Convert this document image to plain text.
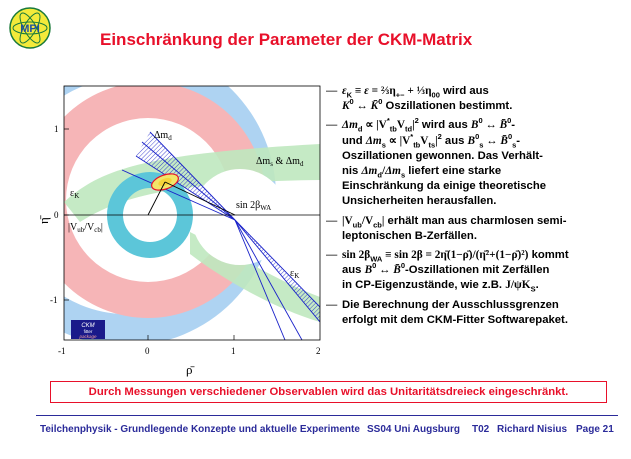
MPI
Einschränkung der Parameter der CKM-Matrix
1
0
-1
-1	0	1	2
ρ̄
η̄
$\Delta m_d$
$\Delta m_s$ & $\Delta m_d$
$\varepsilon_K$
$\sin 2\beta_{WA}$
$|V_{ub}/V_{cb}|$
$\varepsilon_K$
CKM
fitter
package
— $\varepsilon_K \equiv \varepsilon$ = $\frac{2}{3}\eta_{+-}$ + $\frac{1}{3}\eta_{00}$ wird aus
$K^0$ ↔ K̄$^0$ Oszillationen bestimmt.
— $\Delta m_d \propto |V^*_{tb}V_{td}|^2$ wird aus $B^0$ ↔ B̄$^0$-
und $\Delta m_s \propto |V^*_{tb}V_{ts}|^2$ aus $B^0_s$ ↔ B̄$^0_s$-
Oszillationen gewonnen. Das Verhält-
nis $\Delta m_d/\Delta m_s$ liefert eine starke
Einschränkung da einige theoretische
Unsicherheiten herausfallen.
— $|V_{ub}/V_{cb}|$ erhält man aus charmlosen semi-
leptonischen B-Zerfällen.
— $\sin 2\beta_{WA} \equiv \sin 2\beta$ = 2η̄(1−ρ̄)/(η̄²+(1−ρ̄)²) kommt
aus $B^0$ ↔ B̄$^0$-Oszillationen mit Zerfällen
in CP-Eigenzustände, wie z.B. $J/\psi K_S$.
— Die Berechnung der Ausschlussgrenzen
erfolgt mit dem CKM-Fitter Softwarepaket.
Durch Messungen verschiedener Observablen wird das Unitaritätsdreieck eingeschränkt.
Teilchenphysik - Grundlegende Konzepte und aktuelle Experimente SS04 Uni Augsburg T02 Richard Nisius Page 21
